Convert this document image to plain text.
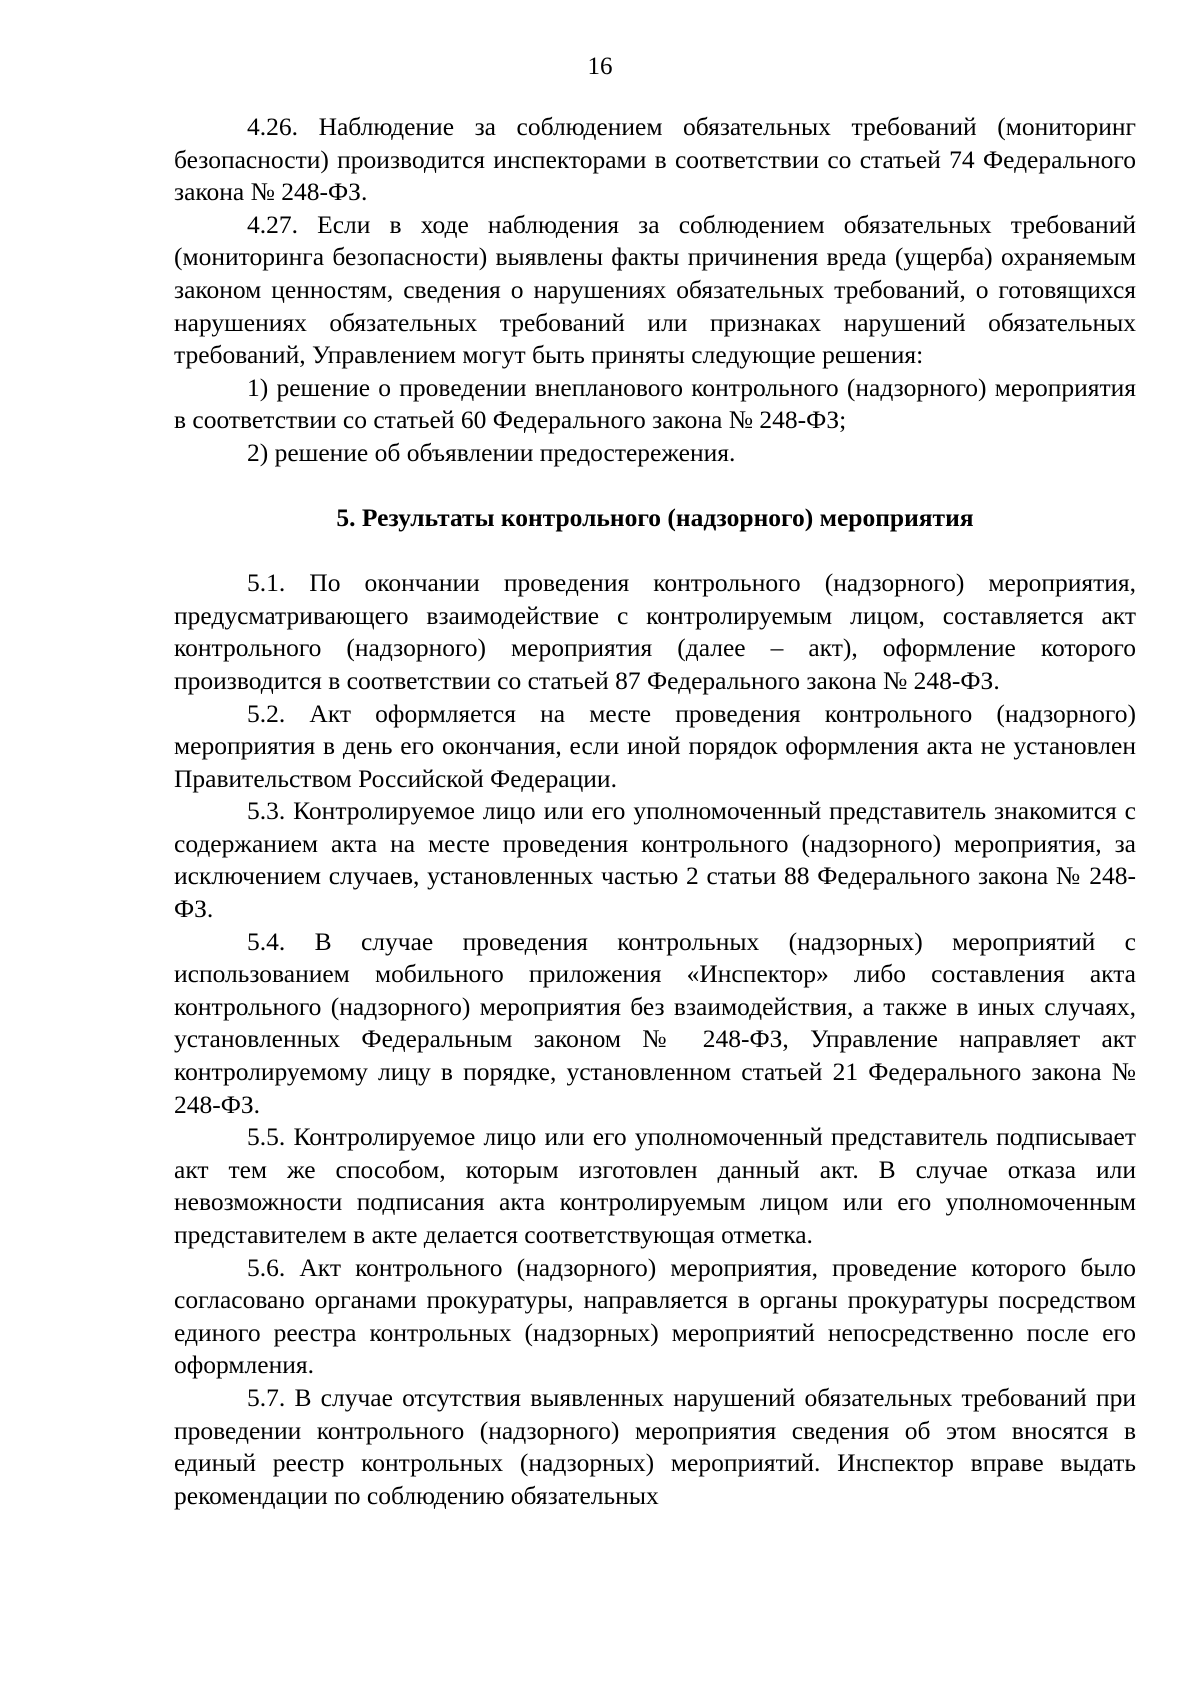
16

4.26. Наблюдение за соблюдением обязательных требований (мониторинг безопасности) производится инспекторами в соответствии со статьей 74 Федерального закона № 248-ФЗ.

4.27. Если в ходе наблюдения за соблюдением обязательных требований (мониторинга безопасности) выявлены факты причинения вреда (ущерба) охраняемым законом ценностям, сведения о нарушениях обязательных требований, о готовящихся нарушениях обязательных требований или признаках нарушений обязательных требований, Управлением могут быть приняты следующие решения:

1) решение о проведении внепланового контрольного (надзорного) мероприятия в соответствии со статьей 60 Федерального закона № 248-ФЗ;

2) решение об объявлении предостережения.

5. Результаты контрольного (надзорного) мероприятия

5.1. По окончании проведения контрольного (надзорного) мероприятия, предусматривающего взаимодействие с контролируемым лицом, составляется акт контрольного (надзорного) мероприятия (далее – акт), оформление которого производится в соответствии со статьей 87 Федерального закона № 248-ФЗ.

5.2. Акт оформляется на месте проведения контрольного (надзорного) мероприятия в день его окончания, если иной порядок оформления акта не установлен Правительством Российской Федерации.

5.3. Контролируемое лицо или его уполномоченный представитель знакомится с содержанием акта на месте проведения контрольного (надзорного) мероприятия, за исключением случаев, установленных частью 2 статьи 88 Федерального закона № 248-ФЗ.

5.4. В случае проведения контрольных (надзорных) мероприятий с использованием мобильного приложения «Инспектор» либо составления акта контрольного (надзорного) мероприятия без взаимодействия, а также в иных случаях, установленных Федеральным законом № 248-ФЗ, Управление направляет акт контролируемому лицу в порядке, установленном статьей 21 Федерального закона № 248-ФЗ.

5.5. Контролируемое лицо или его уполномоченный представитель подписывает акт тем же способом, которым изготовлен данный акт. В случае отказа или невозможности подписания акта контролируемым лицом или его уполномоченным представителем в акте делается соответствующая отметка.

5.6. Акт контрольного (надзорного) мероприятия, проведение которого было согласовано органами прокуратуры, направляется в органы прокуратуры посредством единого реестра контрольных (надзорных) мероприятий непосредственно после его оформления.

5.7. В случае отсутствия выявленных нарушений обязательных требований при проведении контрольного (надзорного) мероприятия сведения об этом вносятся в единый реестр контрольных (надзорных) мероприятий. Инспектор вправе выдать рекомендации по соблюдению обязательных
